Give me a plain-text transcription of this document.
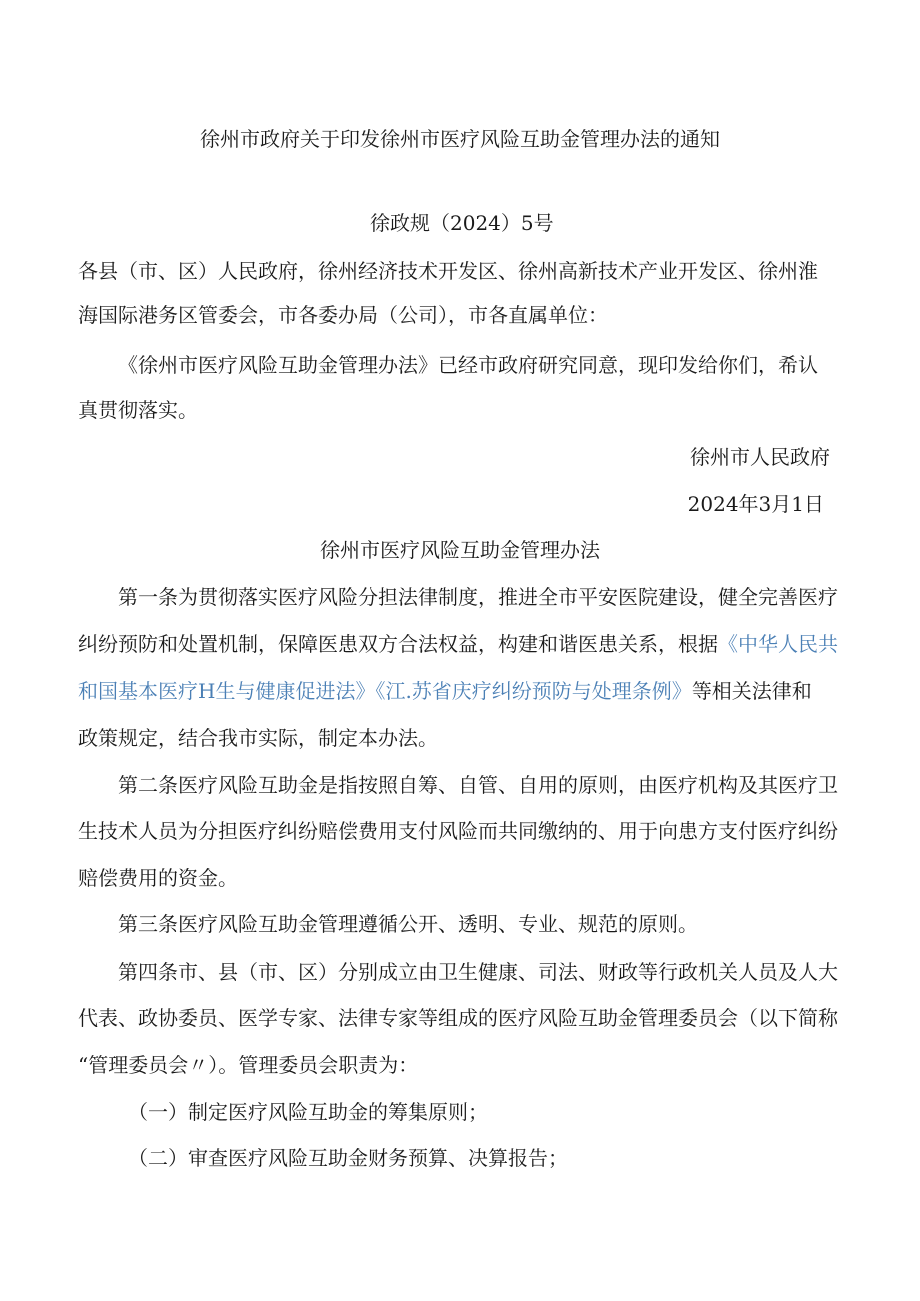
徐州市政府关于印发徐州市医疗风险互助金管理办法的通知
徐政规（2024）5号
各县（市、区）人民政府，徐州经济技术开发区、徐州高新技术产业开发区、徐州淮
海国际港务区管委会，市各委办局（公司），市各直属单位：
《徐州市医疗风险互助金管理办法》已经市政府研究同意，现印发给你们，希认
真贯彻落实。
徐州市人民政府
2024年3月1日
徐州市医疗风险互助金管理办法
第一条为贯彻落实医疗风险分担法律制度，推进全市平安医院建设，健全完善医疗
纠纷预防和处置机制，保障医患双方合法权益，构建和谐医患关系，根据《中华人民共
和国基本医疗H生与健康促进法》《江.苏省庆疗纠纷预防与处理条例》等相关法律和
政策规定，结合我市实际，制定本办法。
第二条医疗风险互助金是指按照自筹、自管、自用的原则，由医疗机构及其医疗卫
生技术人员为分担医疗纠纷赔偿费用支付风险而共同缴纳的、用于向患方支付医疗纠纷
赔偿费用的资金。
第三条医疗风险互助金管理遵循公开、透明、专业、规范的原则。
第四条市、县（市、区）分别成立由卫生健康、司法、财政等行政机关人员及人大
代表、政协委员、医学专家、法律专家等组成的医疗风险互助金管理委员会（以下简称
“管理委员会〃）。管理委员会职责为：
（一）制定医疗风险互助金的筹集原则；
（二）审查医疗风险互助金财务预算、决算报告；
